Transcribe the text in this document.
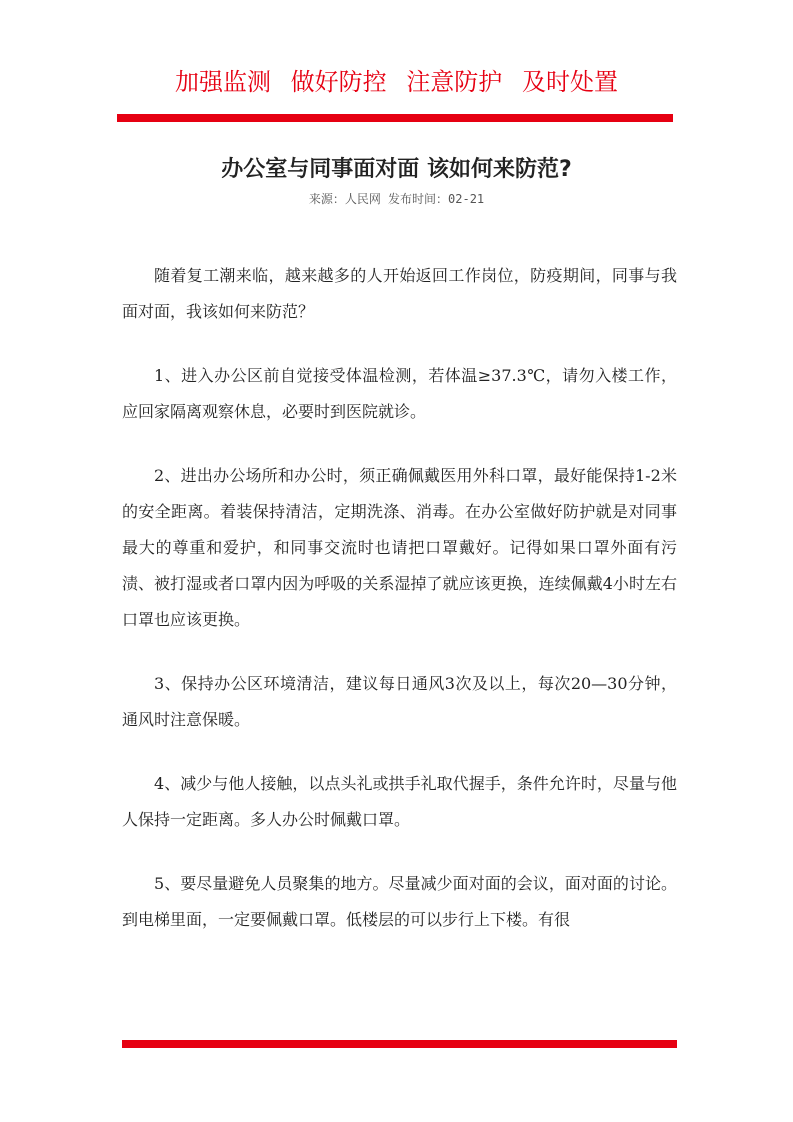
加强监测 做好防控 注意防护 及时处置
办公室与同事面对面 该如何来防范?
来源：人民网 发布时间：02-21

随着复工潮来临，越来越多的人开始返回工作岗位，防疫期间，同事与我面对面，我该如何来防范？

1、进入办公区前自觉接受体温检测，若体温≥37.3℃，请勿入楼工作，应回家隔离观察休息，必要时到医院就诊。

2、进出办公场所和办公时，须正确佩戴医用外科口罩，最好能保持1-2米的安全距离。着装保持清洁，定期洗涤、消毒。在办公室做好防护就是对同事最大的尊重和爱护，和同事交流时也请把口罩戴好。记得如果口罩外面有污渍、被打湿或者口罩内因为呼吸的关系湿掉了就应该更换，连续佩戴4小时左右口罩也应该更换。

3、保持办公区环境清洁，建议每日通风3次及以上，每次20—30分钟，通风时注意保暖。

4、减少与他人接触，以点头礼或拱手礼取代握手，条件允许时，尽量与他人保持一定距离。多人办公时佩戴口罩。

5、要尽量避免人员聚集的地方。尽量减少面对面的会议，面对面的讨论。到电梯里面，一定要佩戴口罩。低楼层的可以步行上下楼。有很
